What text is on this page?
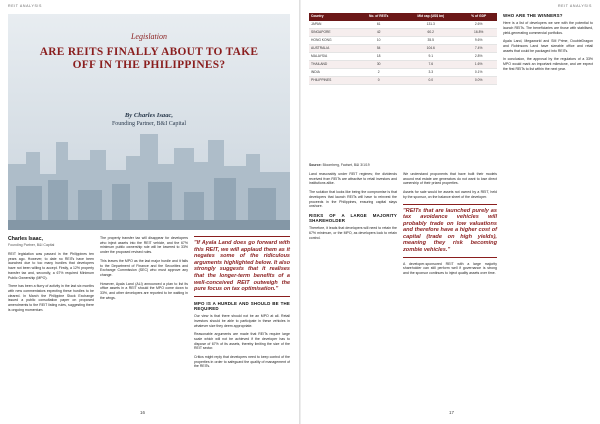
REIT ANALYSIS
Legislation
ARE REITS FINALLY ABOUT TO TAKE OFF IN THE PHILIPPINES?
By Charles Isaac,
Founding Partner, B&I Capital
Charles Isaac,
Founding Partner, B&I Capital

REIT legislation was passed in the Philippines ten years ago. However, to date no REITs have been launched due to too many hurdles that developers have not been willing to accept. Firstly, a 12% property transfer tax and, secondly, a 67% required Minimum Public Ownership (MPO).

There has been a flurry of activity in the last six months with new commentators expecting these hurdles to be cleared. In March the Philippine Stock Exchange issued a public consultation paper on proposed amendments to the REIT listing rules, suggesting there is ongoing momentum.

The property transfer tax will disappear for developers who inject assets into the REIT vehicle, and the 67% minimum public ownership rule will be lowered to 33% under the proposed revised rules.

This leaves the MPO as the last major hurdle and it falls to the Department of Finance and the Securities and Exchange Commission (SEC) who must approve any change.

However, Ayala Land (ALI) announced a plan to list its office assets in a REIT should the MPO come down to 33%, and other developers are reported to be waiting in the wings.

"If Ayala Land does go forward with this REIT, we will applaud them as it negates some of the ridiculous arguments highlighted below. It also strongly suggests that it realises that the longer-term benefits of a well-conceived REIT outweigh the pure focus on tax optimisation."
MPO IS A HURDLE AND SHOULD BE THE REQUIRED

Our view is that there should not be an MPO at all. Retail investors should be able to participate in these vehicles in whatever size they deem appropriate.

Reasonable arguments are made that REITs require large scale which will not be achieved if the developer has to dispose of 67% of its assets, thereby limiting the size of the REIT sector.

Critics might reply that developers need to keep control of the properties in order to safeguard the quality of management of the REITs.

16
REIT ANALYSIS
Country	No. of REITs	Mkt cap (US$ bn)	% of GDP
JAPAN	61	131.3	2.6%
SINGAPORE	42	60.2	16.8%
HONG KONG	10	35.5	9.6%
AUSTRALIA	54	104.6	7.4%
MALAYSIA	18	9.1	2.8%
THAILAND	30	7.6	1.6%
INDIA	2	3.3	0.1%
PHILIPPINES	0	0.0	0.0%
Source: Bloomberg, Factset, B&I 3/1/19

Land reasonably under REIT regimes; the dividends received from REITs are attractive to retail investors and institutions alike.

The solution that looks like being the compromise is that developers that launch REITs will have to reinvest the proceeds in the Philippines, ensuring capital stays onshore.

RISKS OF A LARGE MAJORITY SHAREHOLDER

Therefore, it leads that developers will need to retain the 67% minimum, or the MPO, as developers look to retain control.

We understand proponents that have built their models around real estate are generators do not want to lose direct ownership of their prized properties.

Assets for sale would be assets not owned by a REIT, held by the sponsor, on the balance sheet of the developer.

"REITs that are launched purely as tax avoidance vehicles will probably trade on low valuations and therefore have a higher cost of capital (trade on high yields), meaning they risk becoming zombie vehicles."

A developer-sponsored REIT with a large majority shareholder can still perform well if governance is strong and the sponsor continues to inject quality assets over time.

WHO ARE THE WINNERS?

Here is a list of developers we see with the potential to launch REITs. The beneficiaries are those with stabilised, yield-generating commercial portfolios.

Ayala Land, Megaworld and SM Prime, DoubleDragon and Robinsons Land have sizeable office and retail assets that could be packaged into REITs.

In conclusion, the approval by the regulators of a 33% MPO would mark an important milestone, and we expect the first REITs to list within the next year.

17
